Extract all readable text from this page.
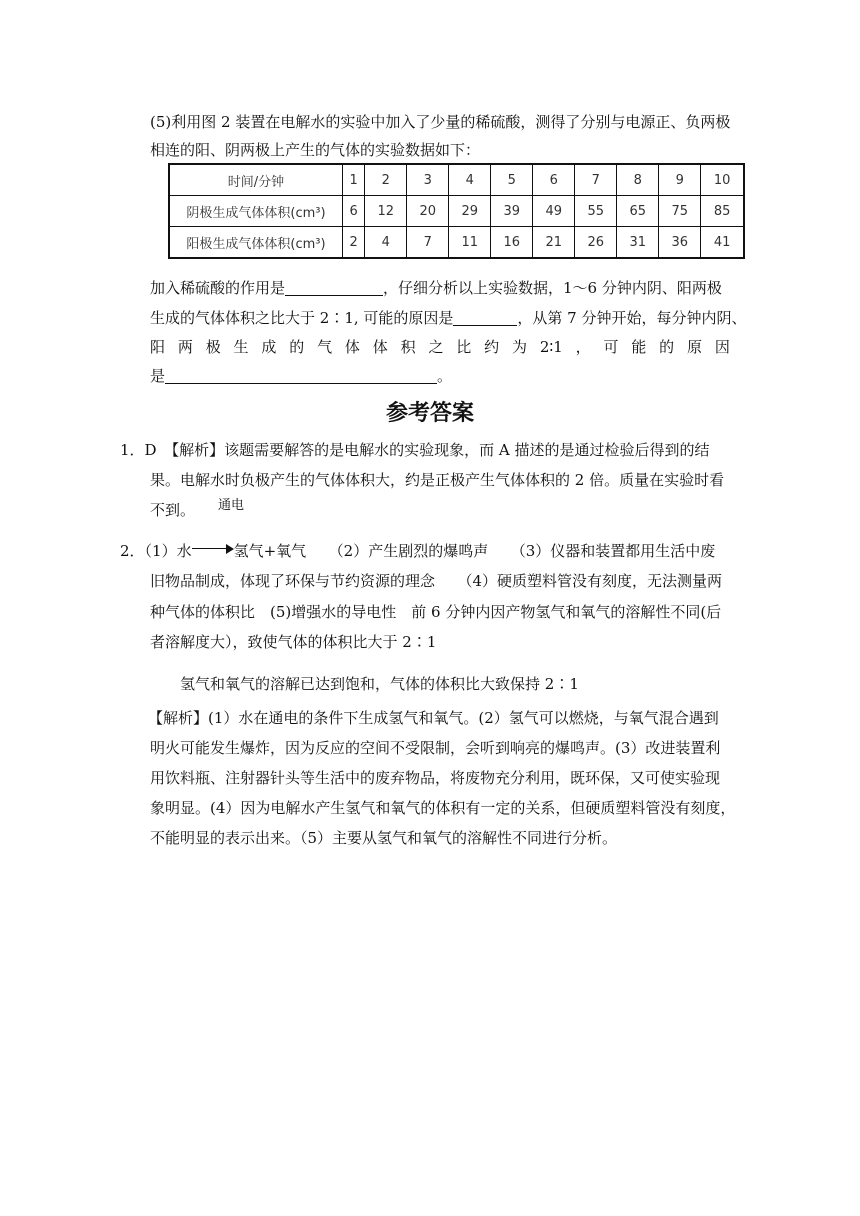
(5)利用图 2 装置在电解水的实验中加入了少量的稀硫酸，测得了分别与电源正、负两极
相连的阳、阴两极上产生的气体的实验数据如下：
时间/分钟	1	2	3	4	5	6	7	8	9	10
阴极生成气体体积(cm³)	6	12	20	29	39	49	55	65	75	85
阳极生成气体体积(cm³)	2	4	7	11	16	21	26	31	36	41
加入稀硫酸的作用是	，仔细分析以上实验数据，1～6 分钟内阴、阳两极
生成的气体体积之比大于 2∶1, 可能的原因是	，从第 7 分钟开始，每分钟内阴、
阳 两 极 生 成 的 气 体 体 积 之 比 约 为 2∶1 ， 可 能 的 原 因
是	。
参考答案
1．D　【解析】该题需要解答的是电解水的实验现象，而 A 描述的是通过检验后得到的结
果。电解水时负极产生的气体体积大，约是正极产生气体体积的 2 倍。质量在实验时看
不到。 通电
2．（1）水	氢气+氧气　　（2）产生剧烈的爆鸣声　　（3）仪器和装置都用生活中废
旧物品制成，体现了环保与节约资源的理念　　（4）硬质塑料管没有刻度，无法测量两
种气体的体积比　(5)增强水的导电性　前 6 分钟内因产物氢气和氧气的溶解性不同(后
者溶解度大），致使气体的体积比大于 2∶1
氢气和氧气的溶解已达到饱和，气体的体积比大致保持 2∶1
【解析】(1）水在通电的条件下生成氢气和氧气。(2）氢气可以燃烧，与氧气混合遇到
明火可能发生爆炸，因为反应的空间不受限制，会听到响亮的爆鸣声。(3）改进装置利
用饮料瓶、注射器针头等生活中的废弃物品，将废物充分利用，既环保，又可使实验现
象明显。(4）因为电解水产生氢气和氧气的体积有一定的关系，但硬质塑料管没有刻度，
不能明显的表示出来。（5）主要从氢气和氧气的溶解性不同进行分析。
